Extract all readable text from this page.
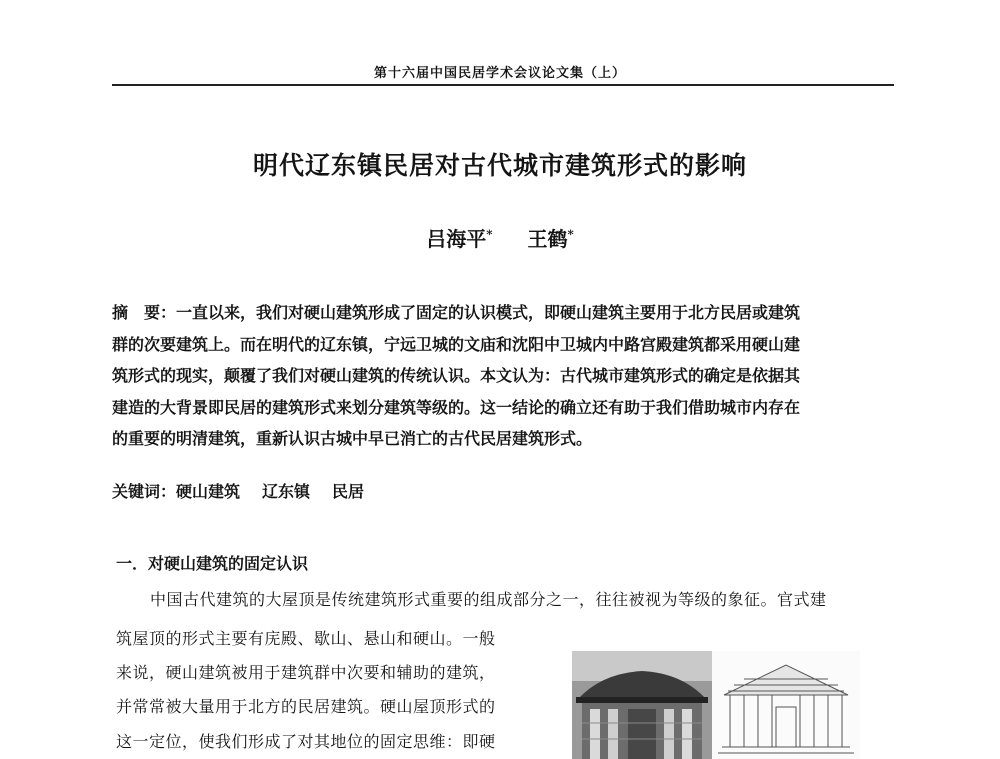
第十六届中国民居学术会议论文集（上）
明代辽东镇民居对古代城市建筑形式的影响
吕海平* 王鹤*

摘　要：一直以来，我们对硬山建筑形成了固定的认识模式，即硬山建筑主要用于北方民居或建筑

群的次要建筑上。而在明代的辽东镇，宁远卫城的文庙和沈阳中卫城内中路宫殿建筑都采用硬山建

筑形式的现实，颠覆了我们对硬山建筑的传统认识。本文认为：古代城市建筑形式的确定是依据其

建造的大背景即民居的建筑形式来划分建筑等级的。这一结论的确立还有助于我们借助城市内存在

的重要的明清建筑，重新认识古城中早已消亡的古代民居建筑形式。

关键词：硬山建筑 辽东镇 民居
一．对硬山建筑的固定认识
中国古代建筑的大屋顶是传统建筑形式重要的组成部分之一，往往被视为等级的象征。官式建
筑屋顶的形式主要有庑殿、歇山、悬山和硬山。一般
来说，硬山建筑被用于建筑群中次要和辅助的建筑，
并常常被大量用于北方的民居建筑。硬山屋顶形式的
这一定位，使我们形成了对其地位的固定思维：即硬
